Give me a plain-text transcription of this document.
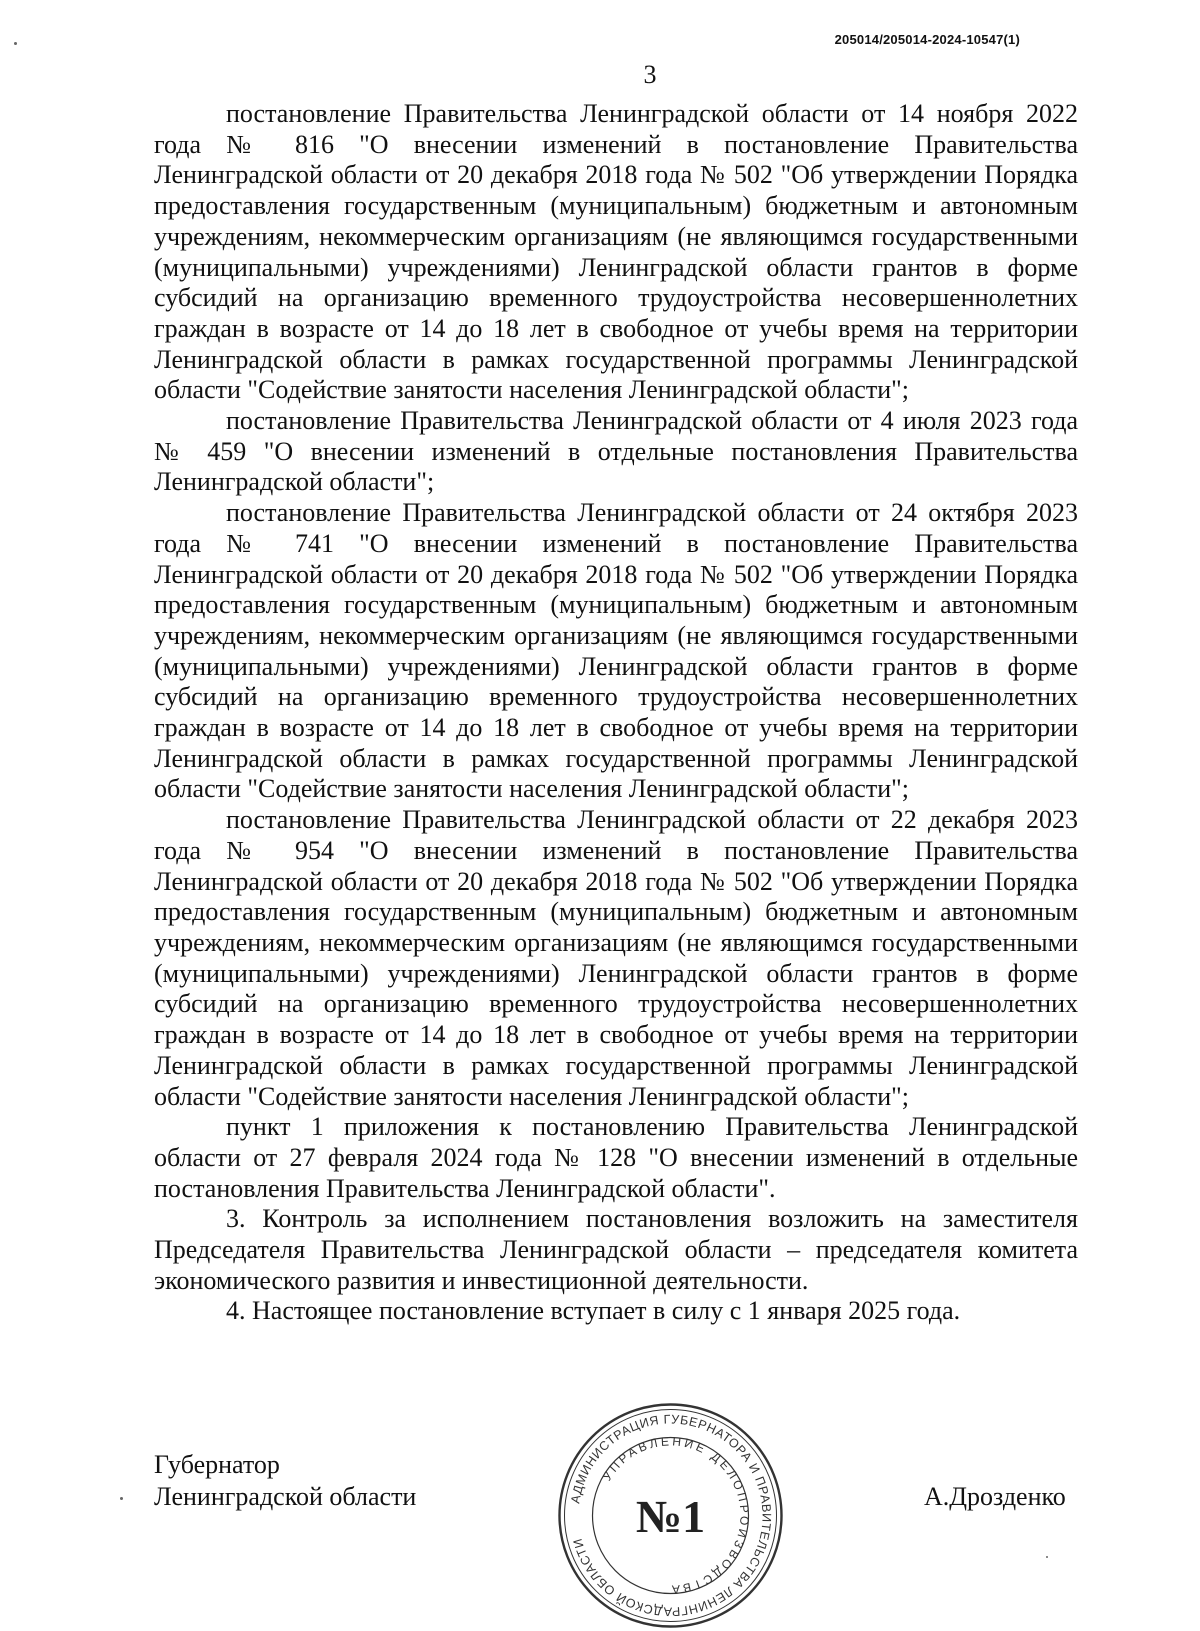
205014/205014-2024-10547(1)
3

постановление Правительства Ленинградской области от 14 ноября 2022 года № 816 "О внесении изменений в постановление Правительства Ленинградской области от 20 декабря 2018 года № 502 "Об утверждении Порядка предоставления государственным (муниципальным) бюджетным и автономным учреждениям, некоммерческим организациям (не являющимся государственными (муниципальными) учреждениями) Ленинградской области грантов в форме субсидий на организацию временного трудоустройства несовершеннолетних граждан в возрасте от 14 до 18 лет в свободное от учебы время на территории Ленинградской области в рамках государственной программы Ленинградской области "Содействие занятости населения Ленинградской области";

постановление Правительства Ленинградской области от 4 июля 2023 года № 459 "О внесении изменений в отдельные постановления Правительства Ленинградской области";

постановление Правительства Ленинградской области от 24 октября 2023 года № 741 "О внесении изменений в постановление Правительства Ленинградской области от 20 декабря 2018 года № 502 "Об утверждении Порядка предоставления государственным (муниципальным) бюджетным и автономным учреждениям, некоммерческим организациям (не являющимся государственными (муниципальными) учреждениями) Ленинградской области грантов в форме субсидий на организацию временного трудоустройства несовершеннолетних граждан в возрасте от 14 до 18 лет в свободное от учебы время на территории Ленинградской области в рамках государственной программы Ленинградской области "Содействие занятости населения Ленинградской области";

постановление Правительства Ленинградской области от 22 декабря 2023 года № 954 "О внесении изменений в постановление Правительства Ленинградской области от 20 декабря 2018 года № 502 "Об утверждении Порядка предоставления государственным (муниципальным) бюджетным и автономным учреждениям, некоммерческим организациям (не являющимся государственными (муниципальными) учреждениями) Ленинградской области грантов в форме субсидий на организацию временного трудоустройства несовершеннолетних граждан в возрасте от 14 до 18 лет в свободное от учебы время на территории Ленинградской области в рамках государственной программы Ленинградской области "Содействие занятости населения Ленинградской области";

пункт 1 приложения к постановлению Правительства Ленинградской области от 27 февраля 2024 года № 128 "О внесении изменений в отдельные постановления Правительства Ленинградской области".

3. Контроль за исполнением постановления возложить на заместителя Председателя Правительства Ленинградской области – председателя комитета экономического развития и инвестиционной деятельности.

4. Настоящее постановление вступает в силу с 1 января 2025 года.

Губернатор
Ленинградской области	АДМИНИСТРАЦИЯ ГУБЕРНАТОРА И ПРАВИТЕЛЬСТВА ЛЕНИНГРАДСКОЙ ОБЛАСТИ
УПРАВЛЕНИЕ ДЕЛОПРОИЗВОДСТВА
№1	А.Дрозденко
